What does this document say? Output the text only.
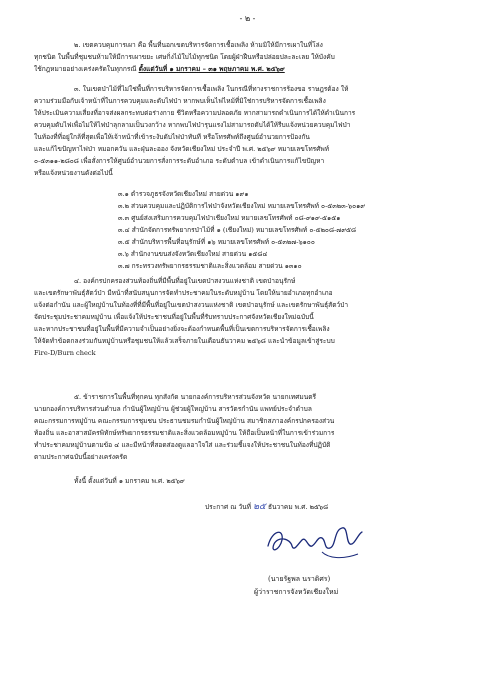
- ๒ -
๒. เขตควบคุมการเผา คือ พื้นที่นอกเขตบริหารจัดการเชื้อเพลิง ห้ามมิให้มีการเผาในที่โล่ง
ทุกชนิด ในพื้นที่ชุมชนห้ามให้มีการเผาขยะ เศษกิ่งไม้ใบไม้ทุกชนิด โดยผู้ฝ่าฝืนหรือปล่อยปละละเลย ให้บังคับ
ใช้กฎหมายอย่างเคร่งครัดในทุกกรณี ตั้งแต่วันที่ ๑ มกราคม – ๓๑ พฤษภาคม พ.ศ. ๒๕๖๙
๓. ในเขตป่าไม้ที่ไม่ใช่พื้นที่การบริหารจัดการเชื้อเพลิง ในกรณีที่ทางราชการร้องขอ ราษฎรต้อง ให้
ความร่วมมือกับเจ้าหน้าที่ในการควบคุมและดับไฟป่า หากพบเห็นไฟไหม้ที่มิใช่การบริหารจัดการเชื้อเพลิง
ให้ประเมินความเสี่ยงที่อาจส่งผลกระทบต่อร่างกาย ชีวิตหรือความปลอดภัย หากสามารถดำเนินการได้ให้ดำเนินการ
ควบคุมดับไฟเพื่อไม่ให้ไฟป่าลุกลามเป็นวงกว้าง หากพบไฟป่ารุนแรงไม่สามารถดับได้ให้รีบแจ้งหน่วยควบคุมไฟป่า
ในท้องที่ที่อยู่ใกล้ที่สุดเพื่อให้เจ้าหน้าที่เข้าระงับดับไฟป่าทันที หรือโทรศัพท์ถึงศูนย์อำนวยการป้องกัน
และแก้ไขปัญหาไฟป่า หมอกควัน และฝุ่นละออง จังหวัดเชียงใหม่ ประจำปี พ.ศ. ๒๕๖๙ หมายเลขโทรศัพท์
๐-๕๓๑๑-๒๘๐๘ เพื่อสั่งการให้ศูนย์อำนวยการสั่งการระดับอำเภอ ระดับตำบล เข้าดำเนินการแก้ไขปัญหา
หรือแจ้งหน่วยงานดังต่อไปนี้
๓.๑ ตำรวจภูธรจังหวัดเชียงใหม่ สายด่วน ๑๙๑
๓.๒ ส่วนควบคุมและปฏิบัติการไฟป่าจังหวัดเชียงใหม่ หมายเลขโทรศัพท์ ๐-๕๓๒๓-๖๐๑๙
๓.๓ ศูนย์ส่งเสริมการควบคุมไฟป่าเชียงใหม่ หมายเลขโทรศัพท์ ๐๘-๙๑๙-๕๑๕๑
๓.๔ สำนักจัดการทรัพยากรป่าไม้ที่ ๑ (เชียงใหม่) หมายเลขโทรศัพท์ ๐-๕๒๐๘-๗๙๕๘
๓.๕ สำนักบริหารพื้นที่อนุรักษ์ที่ ๑๖ หมายเลขโทรศัพท์ ๐-๕๓๒๗-๖๑๐๐
๓.๖ สำนักงานขนส่งจังหวัดเชียงใหม่ สายด่วน ๑๕๘๔
๓.๗ กระทรวงทรัพยากรธรรมชาติและสิ่งแวดล้อม สายด่วน ๑๓๑๐
๔. องค์กรปกครองส่วนท้องถิ่นที่มีพื้นที่อยู่ในเขตป่าสงวนแห่งชาติ เขตป่าอนุรักษ์
และเขตรักษาพันธุ์สัตว์ป่า มีหน้าที่สนับสนุนการจัดทำประชาคมในระดับหมู่บ้าน โดยให้นายอำเภอทุกอำเภอ
แจ้งต่อกำนัน และผู้ใหญ่บ้านในท้องที่ที่มีพื้นที่อยู่ในเขตป่าสงวนแห่งชาติ เขตป่าอนุรักษ์ และเขตรักษาพันธุ์สัตว์ป่า
จัดประชุมประชาคมหมู่บ้าน เพื่อแจ้งให้ประชาชนที่อยู่ในพื้นที่รับทราบประกาศจังหวัดเชียงใหม่ฉบับนี้
และหากประชาชนที่อยู่ในพื้นที่มีความจำเป็นอย่างยิ่งจะต้องกำหนดพื้นที่เป็นเขตการบริหารจัดการเชื้อเพลิง
ให้จัดทำข้อตกลงร่วมกันหมู่บ้านหรือชุมชนให้แล้วเสร็จภายในเดือนธันวาคม ๒๕๖๘ และนำข้อมูลเข้าสู่ระบบ
Fire-D/Burn check
๕. ข้าราชการในพื้นที่ทุกคน ทุกสังกัด นายกองค์การบริหารส่วนจังหวัด นายกเทศมนตรี
นายกองค์การบริหารส่วนตำบล กำนันผู้ใหญ่บ้าน ผู้ช่วยผู้ใหญ่บ้าน สารวัตรกำนัน แพทย์ประจำตำบล
คณะกรรมการหมู่บ้าน คณะกรรมการชุมชน ประธานชมรมกำนันผู้ใหญ่บ้าน สมาชิกสภาองค์กรปกครองส่วน
ท้องถิ่น และอาสาสมัครพิทักษ์ทรัพยากรธรรมชาติและสิ่งแวดล้อมหมู่บ้าน ให้ถือเป็นหน้าที่ในการเข้าร่วมการ
ทำประชาคมหมู่บ้านตามข้อ ๔ และมีหน้าที่สอดส่องดูแลอาใจใส่ และร่วมชี้แจงให้ประชาชนในท้องที่ปฏิบัติ
ตามประกาศฉบับนี้อย่างเคร่งครัด
ทั้งนี้ ตั้งแต่วันที่ ๑ มกราคม พ.ศ. ๒๕๖๙
ประกาศ ณ วันที่ ๒๕ ธันวาคม พ.ศ. ๒๕๖๘
(นายรัฐพล นราดิศร)
ผู้ว่าราชการจังหวัดเชียงใหม่
